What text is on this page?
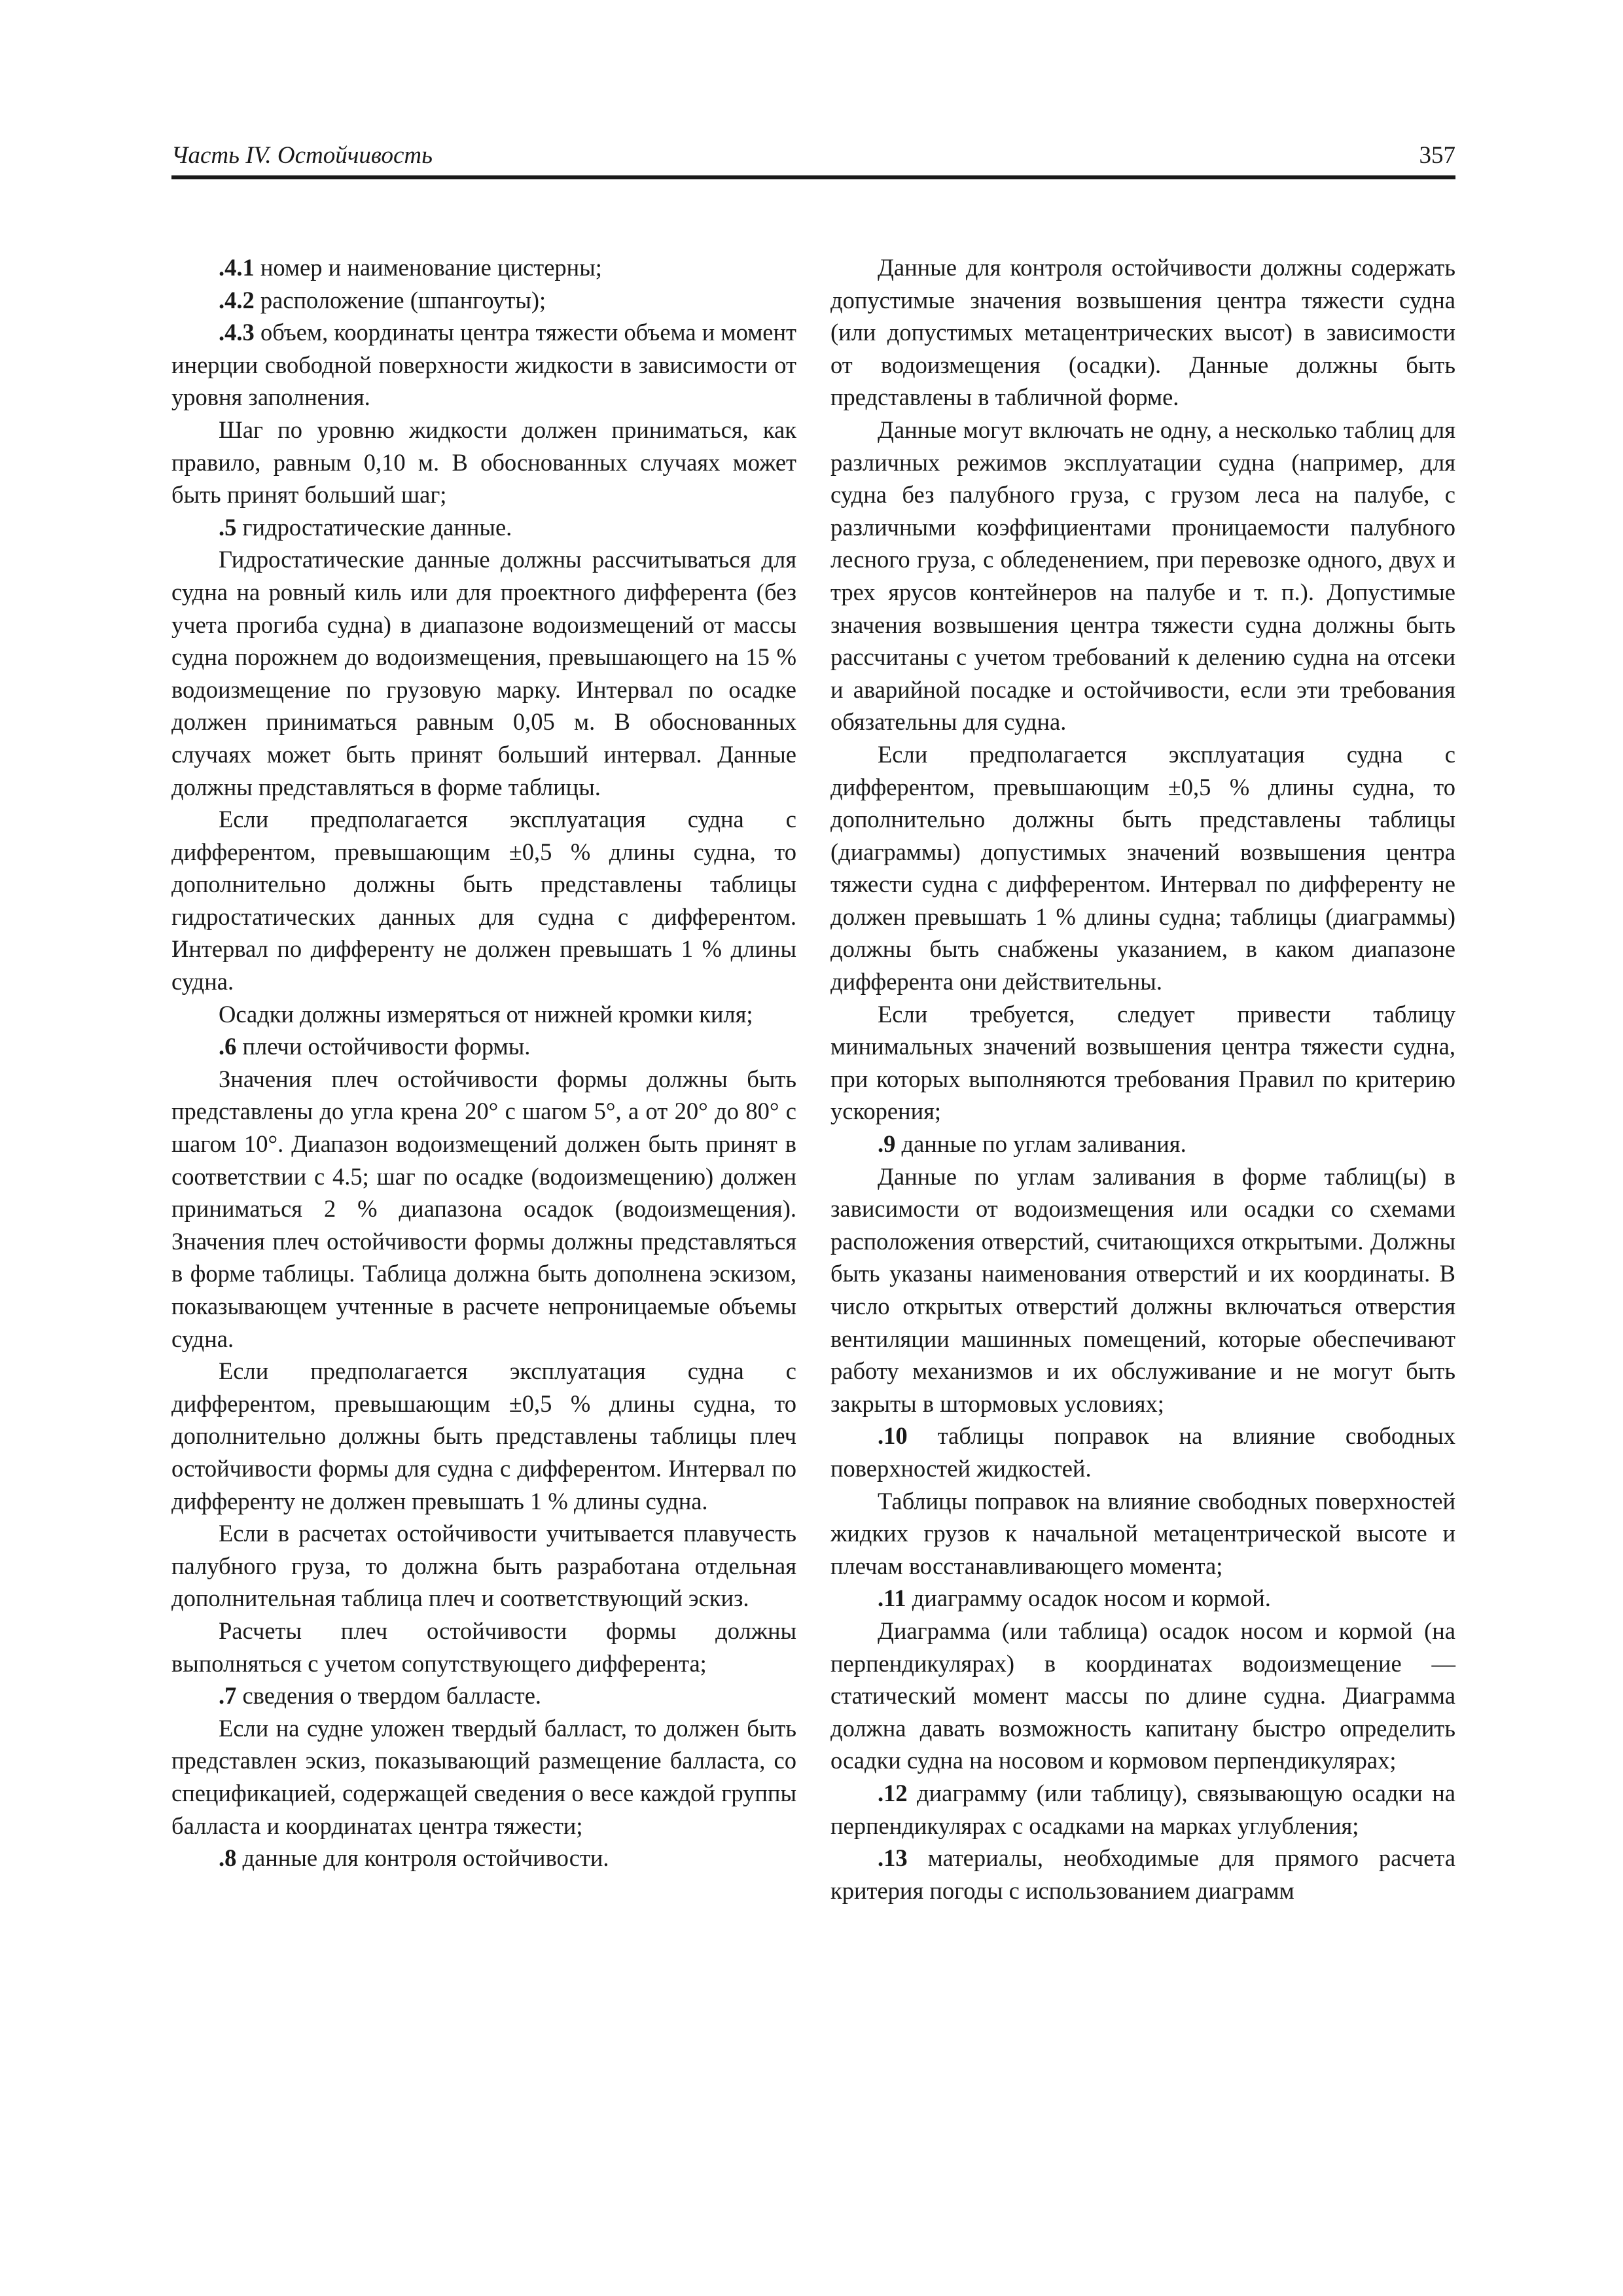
Часть IV. Остойчивость	357

.4.1 номер и наименование цистерны;

.4.2 расположение (шпангоуты);

.4.3 объем, координаты центра тяжести объема и момент инерции свободной поверхности жидкости в зависимости от уровня заполнения.

Шаг по уровню жидкости должен приниматься, как правило, равным 0,10 м. В обоснованных случаях может быть принят больший шаг;

.5 гидростатические данные.

Гидростатические данные должны рассчитываться для судна на ровный киль или для проектного дифферента (без учета прогиба судна) в диапазоне водоизмещений от массы судна порожнем до водоизмещения, превышающего на 15 % водоизмещение по грузовую марку. Интервал по осадке должен приниматься равным 0,05 м. В обоснованных случаях может быть принят больший интервал. Данные должны представляться в форме таблицы.

Если предполагается эксплуатация судна с дифферентом, превышающим ±0,5 % длины судна, то дополнительно должны быть представлены таблицы гидростатических данных для судна с дифферентом. Интервал по дифференту не должен превышать 1 % длины судна.

Осадки должны измеряться от нижней кромки киля;

.6 плечи остойчивости формы.

Значения плеч остойчивости формы должны быть представлены до угла крена 20° с шагом 5°, а от 20° до 80° с шагом 10°. Диапазон водоизмещений должен быть принят в соответствии с 4.5; шаг по осадке (водоизмещению) должен приниматься 2 % диапазона осадок (водоизмещения). Значения плеч остойчивости формы должны представляться в форме таблицы. Таблица должна быть дополнена эскизом, показывающем учтенные в расчете непроницаемые объемы судна.

Если предполагается эксплуатация судна с дифферентом, превышающим ±0,5 % длины судна, то дополнительно должны быть представлены таблицы плеч остойчивости формы для судна с дифферентом. Интервал по дифференту не должен превышать 1 % длины судна.

Если в расчетах остойчивости учитывается плавучесть палубного груза, то должна быть разработана отдельная дополнительная таблица плеч и соответствующий эскиз.

Расчеты плеч остойчивости формы должны выполняться с учетом сопутствующего дифферента;

.7 сведения о твердом балласте.

Если на судне уложен твердый балласт, то должен быть представлен эскиз, показывающий размещение балласта, со спецификацией, содержащей сведения о весе каждой группы балласта и координатах центра тяжести;

.8 данные для контроля остойчивости.

Данные для контроля остойчивости должны содержать допустимые значения возвышения центра тяжести судна (или допустимых метацентрических высот) в зависимости от водоизмещения (осадки). Данные должны быть представлены в табличной форме.

Данные могут включать не одну, а несколько таблиц для различных режимов эксплуатации судна (например, для судна без палубного груза, с грузом леса на палубе, с различными коэффициентами проницаемости палубного лесного груза, с обледенением, при перевозке одного, двух и трех ярусов контейнеров на палубе и т. п.). Допустимые значения возвышения центра тяжести судна должны быть рассчитаны с учетом требований к делению судна на отсеки и аварийной посадке и остойчивости, если эти требования обязательны для судна.

Если предполагается эксплуатация судна с дифферентом, превышающим ±0,5 % длины судна, то дополнительно должны быть представлены таблицы (диаграммы) допустимых значений возвышения центра тяжести судна с дифферентом. Интервал по дифференту не должен превышать 1 % длины судна; таблицы (диаграммы) должны быть снабжены указанием, в каком диапазоне дифферента они действительны.

Если требуется, следует привести таблицу минимальных значений возвышения центра тяжести судна, при которых выполняются требования Правил по критерию ускорения;

.9 данные по углам заливания.

Данные по углам заливания в форме таблиц(ы) в зависимости от водоизмещения или осадки со схемами расположения отверстий, считающихся открытыми. Должны быть указаны наименования отверстий и их координаты. В число открытых отверстий должны включаться отверстия вентиляции машинных помещений, которые обеспечивают работу механизмов и их обслуживание и не могут быть закрыты в штормовых условиях;

.10 таблицы поправок на влияние свободных поверхностей жидкостей.

Таблицы поправок на влияние свободных поверхностей жидких грузов к начальной метацентрической высоте и плечам восстанавливающего момента;

.11 диаграмму осадок носом и кормой.

Диаграмма (или таблица) осадок носом и кормой (на перпендикулярах) в координатах водоизмещение — статический момент массы по длине судна. Диаграмма должна давать возможность капитану быстро определить осадки судна на носовом и кормовом перпендикулярах;

.12 диаграмму (или таблицу), связывающую осадки на перпендикулярах с осадками на марках углубления;

.13 материалы, необходимые для прямого расчета критерия погоды с использованием диаграмм
